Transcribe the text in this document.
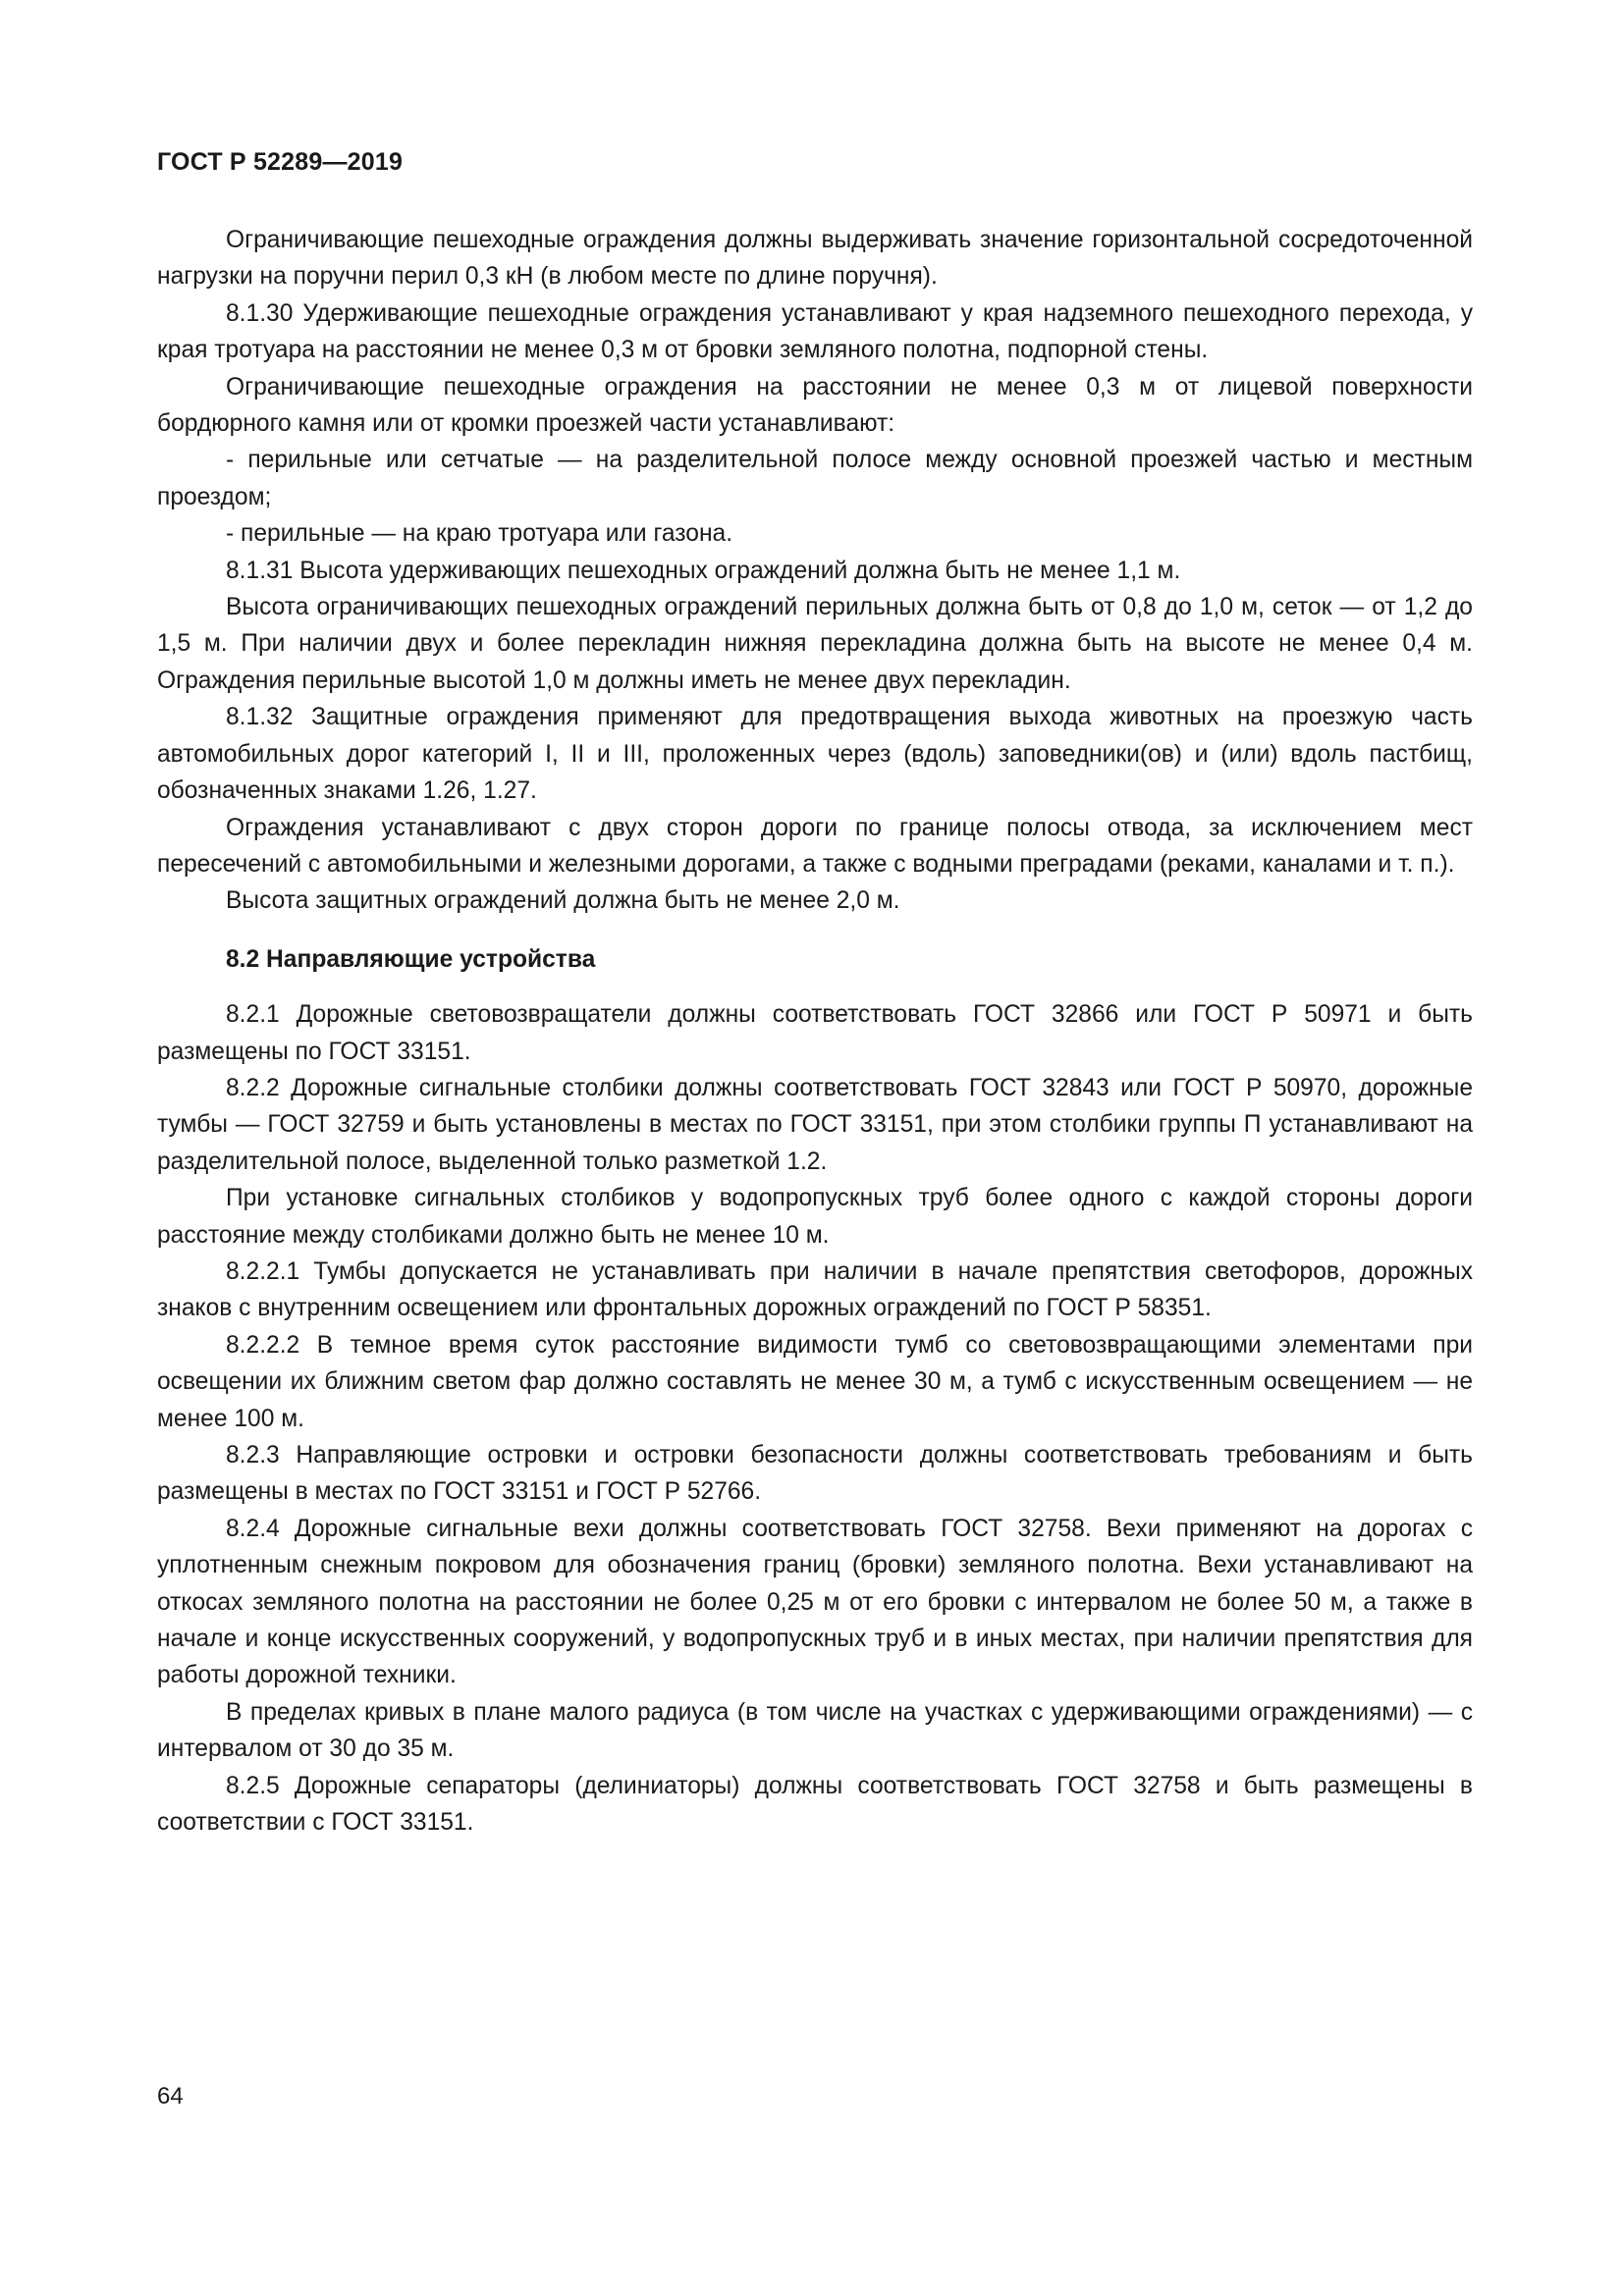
ГОСТ Р 52289—2019

Ограничивающие пешеходные ограждения должны выдерживать значение горизонтальной сосредоточенной нагрузки на поручни перил 0,3 кН (в любом месте по длине поручня).

8.1.30 Удерживающие пешеходные ограждения устанавливают у края надземного пешеходного перехода, у края тротуара на расстоянии не менее 0,3 м от бровки земляного полотна, подпорной стены.

Ограничивающие пешеходные ограждения на расстоянии не менее 0,3 м от лицевой поверхности бордюрного камня или от кромки проезжей части устанавливают:

- перильные или сетчатые — на разделительной полосе между основной проезжей частью и местным проездом;

- перильные — на краю тротуара или газона.

8.1.31 Высота удерживающих пешеходных ограждений должна быть не менее 1,1 м.

Высота ограничивающих пешеходных ограждений перильных должна быть от 0,8 до 1,0 м, сеток — от 1,2 до 1,5 м. При наличии двух и более перекладин нижняя перекладина должна быть на высоте не менее 0,4 м. Ограждения перильные высотой 1,0 м должны иметь не менее двух перекладин.

8.1.32 Защитные ограждения применяют для предотвращения выхода животных на проезжую часть автомобильных дорог категорий I, II и III, проложенных через (вдоль) заповедники(ов) и (или) вдоль пастбищ, обозначенных знаками 1.26, 1.27.

Ограждения устанавливают с двух сторон дороги по границе полосы отвода, за исключением мест пересечений с автомобильными и железными дорогами, а также с водными преградами (реками, каналами и т. п.).

Высота защитных ограждений должна быть не менее 2,0 м.

8.2 Направляющие устройства

8.2.1 Дорожные световозвращатели должны соответствовать ГОСТ 32866 или ГОСТ Р 50971 и быть размещены по ГОСТ 33151.

8.2.2 Дорожные сигнальные столбики должны соответствовать ГОСТ 32843 или ГОСТ Р 50970, дорожные тумбы — ГОСТ 32759 и быть установлены в местах по ГОСТ 33151, при этом столбики группы П устанавливают на разделительной полосе, выделенной только разметкой 1.2.

При установке сигнальных столбиков у водопропускных труб более одного с каждой стороны дороги расстояние между столбиками должно быть не менее 10 м.

8.2.2.1 Тумбы допускается не устанавливать при наличии в начале препятствия светофоров, дорожных знаков с внутренним освещением или фронтальных дорожных ограждений по ГОСТ Р 58351.

8.2.2.2 В темное время суток расстояние видимости тумб со световозвращающими элементами при освещении их ближним светом фар должно составлять не менее 30 м, а тумб с искусственным освещением — не менее 100 м.

8.2.3 Направляющие островки и островки безопасности должны соответствовать требованиям и быть размещены в местах по ГОСТ 33151 и ГОСТ Р 52766.

8.2.4 Дорожные сигнальные вехи должны соответствовать ГОСТ 32758. Вехи применяют на дорогах с уплотненным снежным покровом для обозначения границ (бровки) земляного полотна. Вехи устанавливают на откосах земляного полотна на расстоянии не более 0,25 м от его бровки с интервалом не более 50 м, а также в начале и конце искусственных сооружений, у водопропускных труб и в иных местах, при наличии препятствия для работы дорожной техники.

В пределах кривых в плане малого радиуса (в том числе на участках с удерживающими ограждениями) — с интервалом от 30 до 35 м.

8.2.5 Дорожные сепараторы (делиниаторы) должны соответствовать ГОСТ 32758 и быть размещены в соответствии с ГОСТ 33151.

64
